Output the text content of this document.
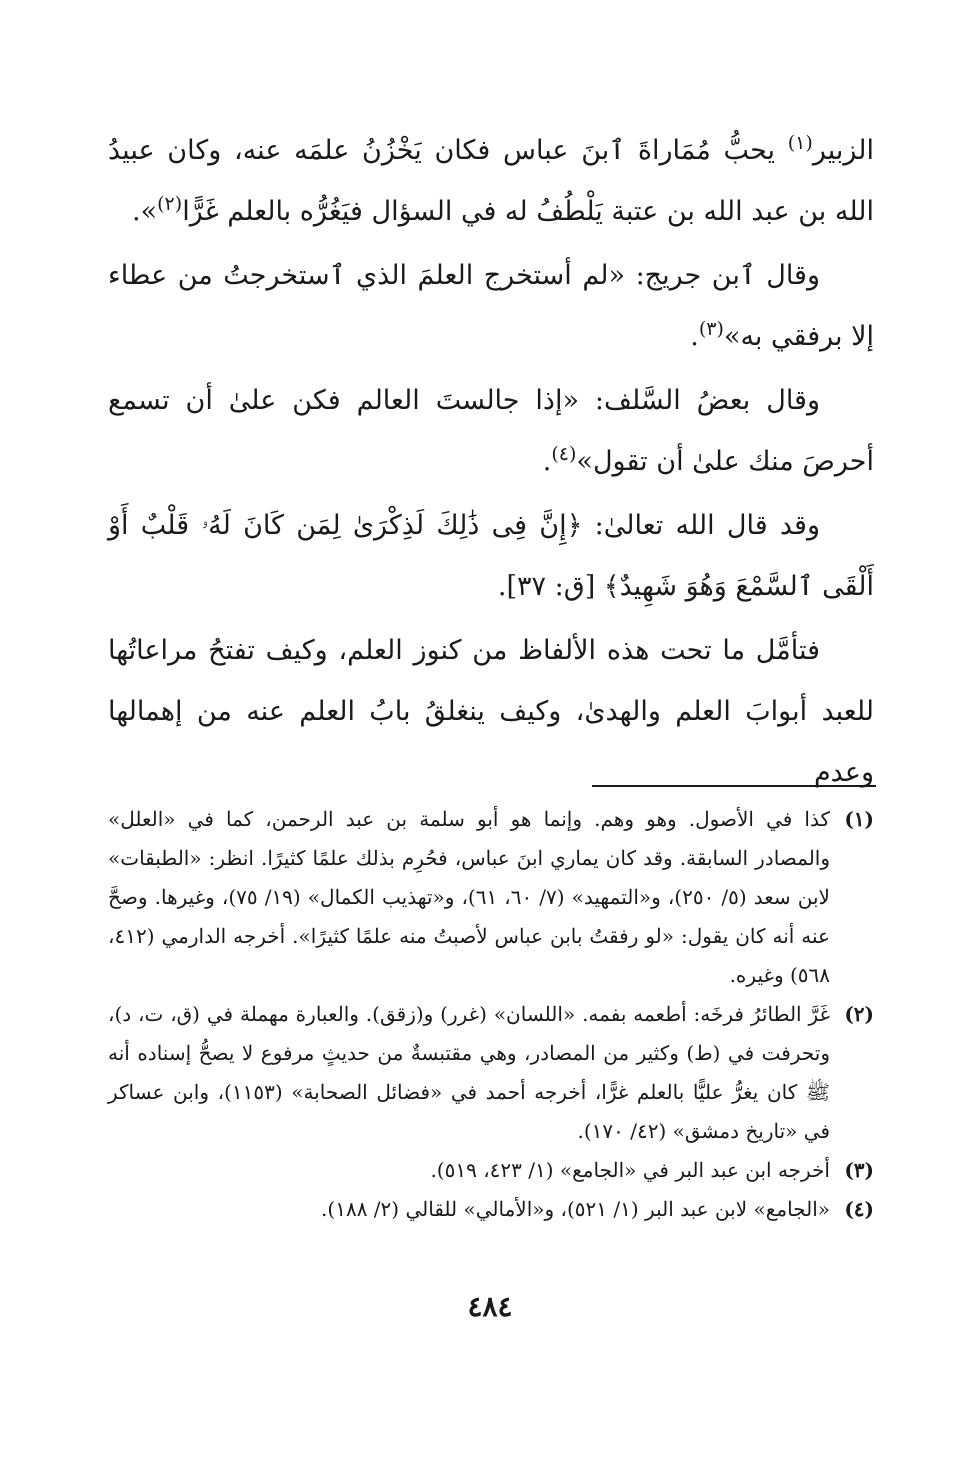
الزبير$^{(١)}$ يحبُّ مُمَاراةَ ٱبنَ عباس فكان يَخْزُنُ علمَه عنه، وكان عبيدُ الله بن عبد الله بن عتبة يَلْطُفُ له في السؤال فيَغُرُّه بالعلم غَرًّا$^{(٢)}$».

وقال ٱبن جريج: «لم أستخرج العلمَ الذي ٱستخرجتُ من عطاء إلا برفقي به»$^{(٣)}$.

وقال بعضُ السَّلف: «إذا جالستَ العالم فكن علىٰ أن تسمع أحرصَ منك علىٰ أن تقول»$^{(٤)}$.

وقد قال الله تعالىٰ: ﴿إِنَّ فِى ذَٰلِكَ لَذِكْرَىٰ لِمَن كَانَ لَهُۥ قَلْبٌ أَوْ أَلْقَى ٱلسَّمْعَ وَهُوَ شَهِيدٌ﴾ [ق: ٣٧].

فتأمَّل ما تحت هذه الألفاظ من كنوز العلم، وكيف تفتحُ مراعاتُها للعبد أبوابَ العلم والهدىٰ، وكيف ينغلقُ بابُ العلم عنه من إهمالها وعدم

(١)
كذا في الأصول. وهو وهم. وإنما هو أبو سلمة بن عبد الرحمن، كما في «العلل» والمصادر السابقة. وقد كان يماري ابنَ عباس، فحُرِم بذلك علمًا كثيرًا. انظر: «الطبقات» لابن سعد (٥/ ٢٥٠)، و«التمهيد» (٧/ ٦٠، ٦١)، و«تهذيب الكمال» (١٩/ ٧٥)، وغيرها. وصحَّ عنه أنه كان يقول: «لو رفقتُ بابن عباس لأصبتُ منه علمًا كثيرًا». أخرجه الدارمي (٤١٢، ٥٦٨) وغيره.
(٢)
غَرَّ الطائرُ فرخَه: أطعمه بفمه. «اللسان» (غرر) و(زقق). والعبارة مهملة في (ق، ت، د)، وتحرفت في (ط) وكثير من المصادر، وهي مقتبسةٌ من حديثٍ مرفوع لا يصحُّ إسناده أنه ﷺ كان يغرُّ عليًّا بالعلم غرًّا، أخرجه أحمد في «فضائل الصحابة» (١١٥٣)، وابن عساكر في «تاريخ دمشق» (٤٢/ ١٧٠).
(٣)
أخرجه ابن عبد البر في «الجامع» (١/ ٤٢٣، ٥١٩).
(٤)
«الجامع» لابن عبد البر (١/ ٥٢١)، و«الأمالي» للقالي (٢/ ١٨٨).
٤٨٤
